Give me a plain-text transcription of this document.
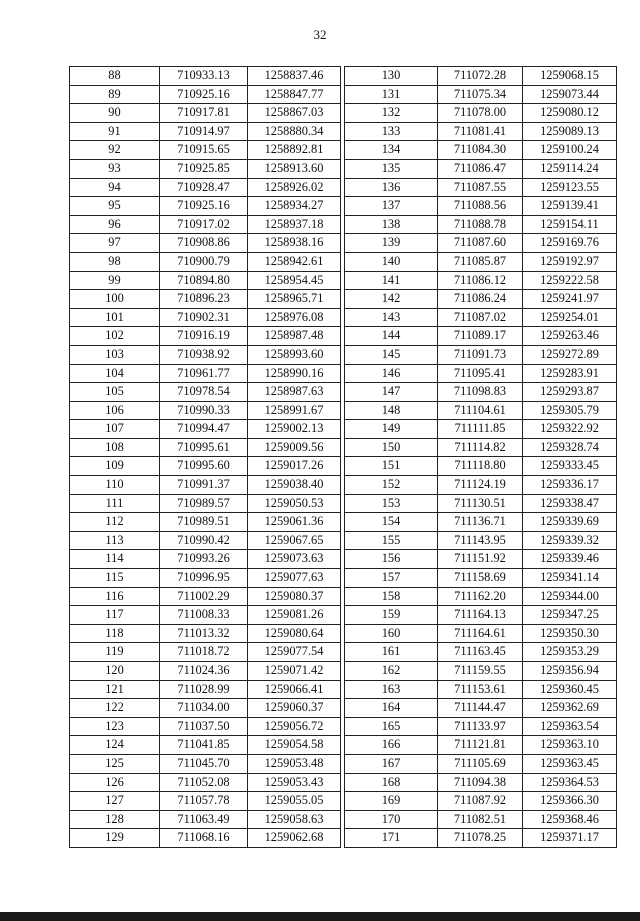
32
88	710933.13	1258837.46
89	710925.16	1258847.77
90	710917.81	1258867.03
91	710914.97	1258880.34
92	710915.65	1258892.81
93	710925.85	1258913.60
94	710928.47	1258926.02
95	710925.16	1258934.27
96	710917.02	1258937.18
97	710908.86	1258938.16
98	710900.79	1258942.61
99	710894.80	1258954.45
100	710896.23	1258965.71
101	710902.31	1258976.08
102	710916.19	1258987.48
103	710938.92	1258993.60
104	710961.77	1258990.16
105	710978.54	1258987.63
106	710990.33	1258991.67
107	710994.47	1259002.13
108	710995.61	1259009.56
109	710995.60	1259017.26
110	710991.37	1259038.40
111	710989.57	1259050.53
112	710989.51	1259061.36
113	710990.42	1259067.65
114	710993.26	1259073.63
115	710996.95	1259077.63
116	711002.29	1259080.37
117	711008.33	1259081.26
118	711013.32	1259080.64
119	711018.72	1259077.54
120	711024.36	1259071.42
121	711028.99	1259066.41
122	711034.00	1259060.37
123	711037.50	1259056.72
124	711041.85	1259054.58
125	711045.70	1259053.48
126	711052.08	1259053.43
127	711057.78	1259055.05
128	711063.49	1259058.63
129	711068.16	1259062.68
130	711072.28	1259068.15
131	711075.34	1259073.44
132	711078.00	1259080.12
133	711081.41	1259089.13
134	711084.30	1259100.24
135	711086.47	1259114.24
136	711087.55	1259123.55
137	711088.56	1259139.41
138	711088.78	1259154.11
139	711087.60	1259169.76
140	711085.87	1259192.97
141	711086.12	1259222.58
142	711086.24	1259241.97
143	711087.02	1259254.01
144	711089.17	1259263.46
145	711091.73	1259272.89
146	711095.41	1259283.91
147	711098.83	1259293.87
148	711104.61	1259305.79
149	711111.85	1259322.92
150	711114.82	1259328.74
151	711118.80	1259333.45
152	711124.19	1259336.17
153	711130.51	1259338.47
154	711136.71	1259339.69
155	711143.95	1259339.32
156	711151.92	1259339.46
157	711158.69	1259341.14
158	711162.20	1259344.00
159	711164.13	1259347.25
160	711164.61	1259350.30
161	711163.45	1259353.29
162	711159.55	1259356.94
163	711153.61	1259360.45
164	711144.47	1259362.69
165	711133.97	1259363.54
166	711121.81	1259363.10
167	711105.69	1259363.45
168	711094.38	1259364.53
169	711087.92	1259366.30
170	711082.51	1259368.46
171	711078.25	1259371.17
